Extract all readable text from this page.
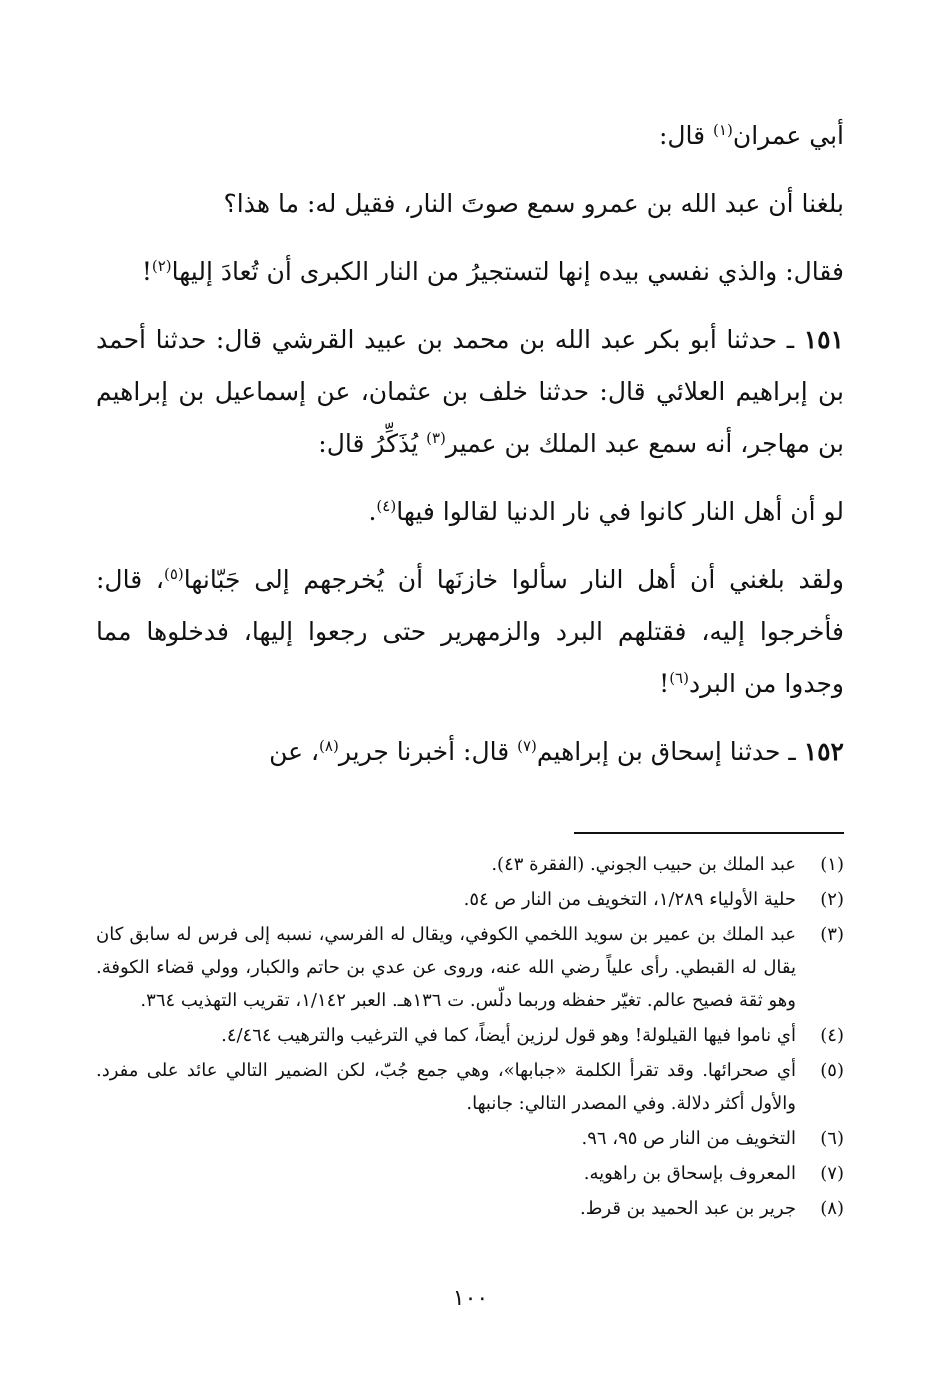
أبي عمران$^{(١)}$ قال:

بلغنا أن عبد الله بن عمرو سمع صوتَ النار، فقيل له: ما هذا؟

فقال: والذي نفسي بيده إنها لتستجيرُ من النار الكبرى أن تُعادَ إليها$^{(٢)}$!

١٥١ ـ حدثنا أبو بكر عبد الله بن محمد بن عبيد القرشي قال: حدثنا أحمد بن إبراهيم العلائي قال: حدثنا خلف بن عثمان، عن إسماعيل بن إبراهيم بن مهاجر، أنه سمع عبد الملك بن عمير$^{(٣)}$ يُذَكِّرُ قال:

لو أن أهل النار كانوا في نار الدنيا لقالوا فيها$^{(٤)}$.

ولقد بلغني أن أهل النار سألوا خازنَها أن يُخرجهم إلى جَبّانها$^{(٥)}$، قال: فأخرجوا إليه، فقتلهم البرد والزمهرير حتى رجعوا إليها، فدخلوها مما وجدوا من البرد$^{(٦)}$!

١٥٢ ـ حدثنا إسحاق بن إبراهيم$^{(٧)}$ قال: أخبرنا جرير$^{(٨)}$، عن

(١)
عبد الملك بن حبيب الجوني. (الفقرة ٤٣).
(٢)
حلية الأولياء ١/٢٨٩، التخويف من النار ص ٥٤.
(٣)
عبد الملك بن عمير بن سويد اللخمي الكوفي، ويقال له الفرسي، نسبه إلى فرس له سابق كان يقال له القبطي. رأى علياً رضي الله عنه، وروى عن عدي بن حاتم والكبار، وولي قضاء الكوفة. وهو ثقة فصيح عالم. تغيّر حفظه وربما دلّس. ت ١٣٦هـ. العبر ١/١٤٢، تقريب التهذيب ٣٦٤.
(٤)
أي ناموا فيها القيلولة! وهو قول لرزين أيضاً، كما في الترغيب والترهيب ٤/٤٦٤.
(٥)
أي صحرائها. وقد تقرأ الكلمة «جبابها»، وهي جمع جُبّ، لكن الضمير التالي عائد على مفرد. والأول أكثر دلالة. وفي المصدر التالي: جانبها.
(٦)
التخويف من النار ص ٩٥، ٩٦.
(٧)
المعروف بإسحاق بن راهويه.
(٨)
جرير بن عبد الحميد بن قرط.
١٠٠
